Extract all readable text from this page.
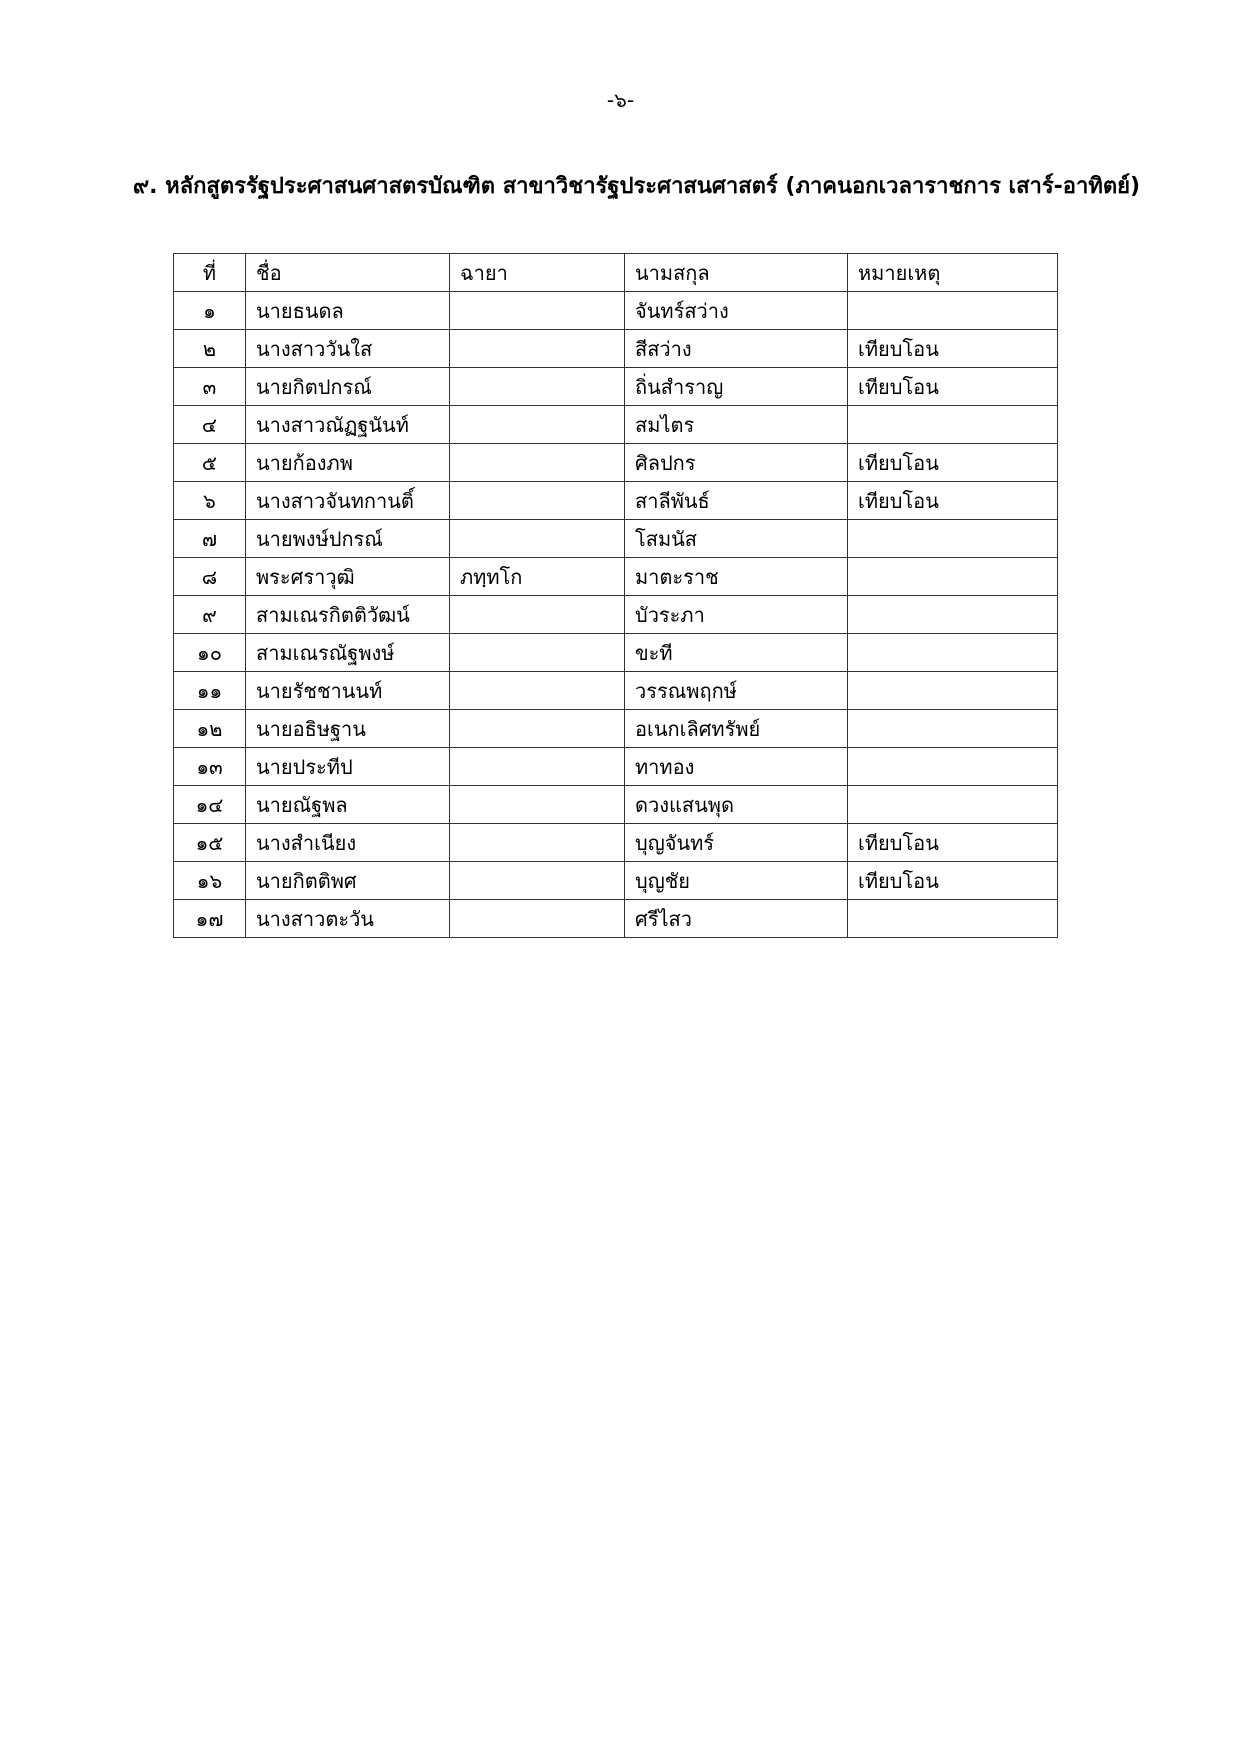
-๖-
๙. หลักสูตรรัฐประศาสนศาสตรบัณฑิต สาขาวิชารัฐประศาสนศาสตร์ (ภาคนอกเวลาราชการ เสาร์-อาทิตย์)
ที่	ชื่อ	ฉายา	นามสกุล	หมายเหตุ
๑	นายธนดล		จันทร์สว่าง	
๒	นางสาววันใส		สีสว่าง	เทียบโอน
๓	นายกิตปกรณ์		ถิ่นสำราญ	เทียบโอน
๔	นางสาวณัฏฐนันท์		สมไตร	
๕	นายก้องภพ		ศิลปกร	เทียบโอน
๖	นางสาวจันทกานติ์		สาลีพันธ์	เทียบโอน
๗	นายพงษ์ปกรณ์		โสมนัส	
๘	พระศราวุฒิ	ภทฺทโก	มาตะราช	
๙	สามเณรกิตติวัฒน์		บัวระภา	
๑๐	สามเณรณัฐพงษ์		ขะที	
๑๑	นายรัชชานนท์		วรรณพฤกษ์	
๑๒	นายอธิษฐาน		อเนกเลิศทรัพย์	
๑๓	นายประทีป		ทาทอง	
๑๔	นายณัฐพล		ดวงแสนพุด	
๑๕	นางสำเนียง		บุญจันทร์	เทียบโอน
๑๖	นายกิตติพศ		บุญชัย	เทียบโอน
๑๗	นางสาวตะวัน		ศรีไสว	
